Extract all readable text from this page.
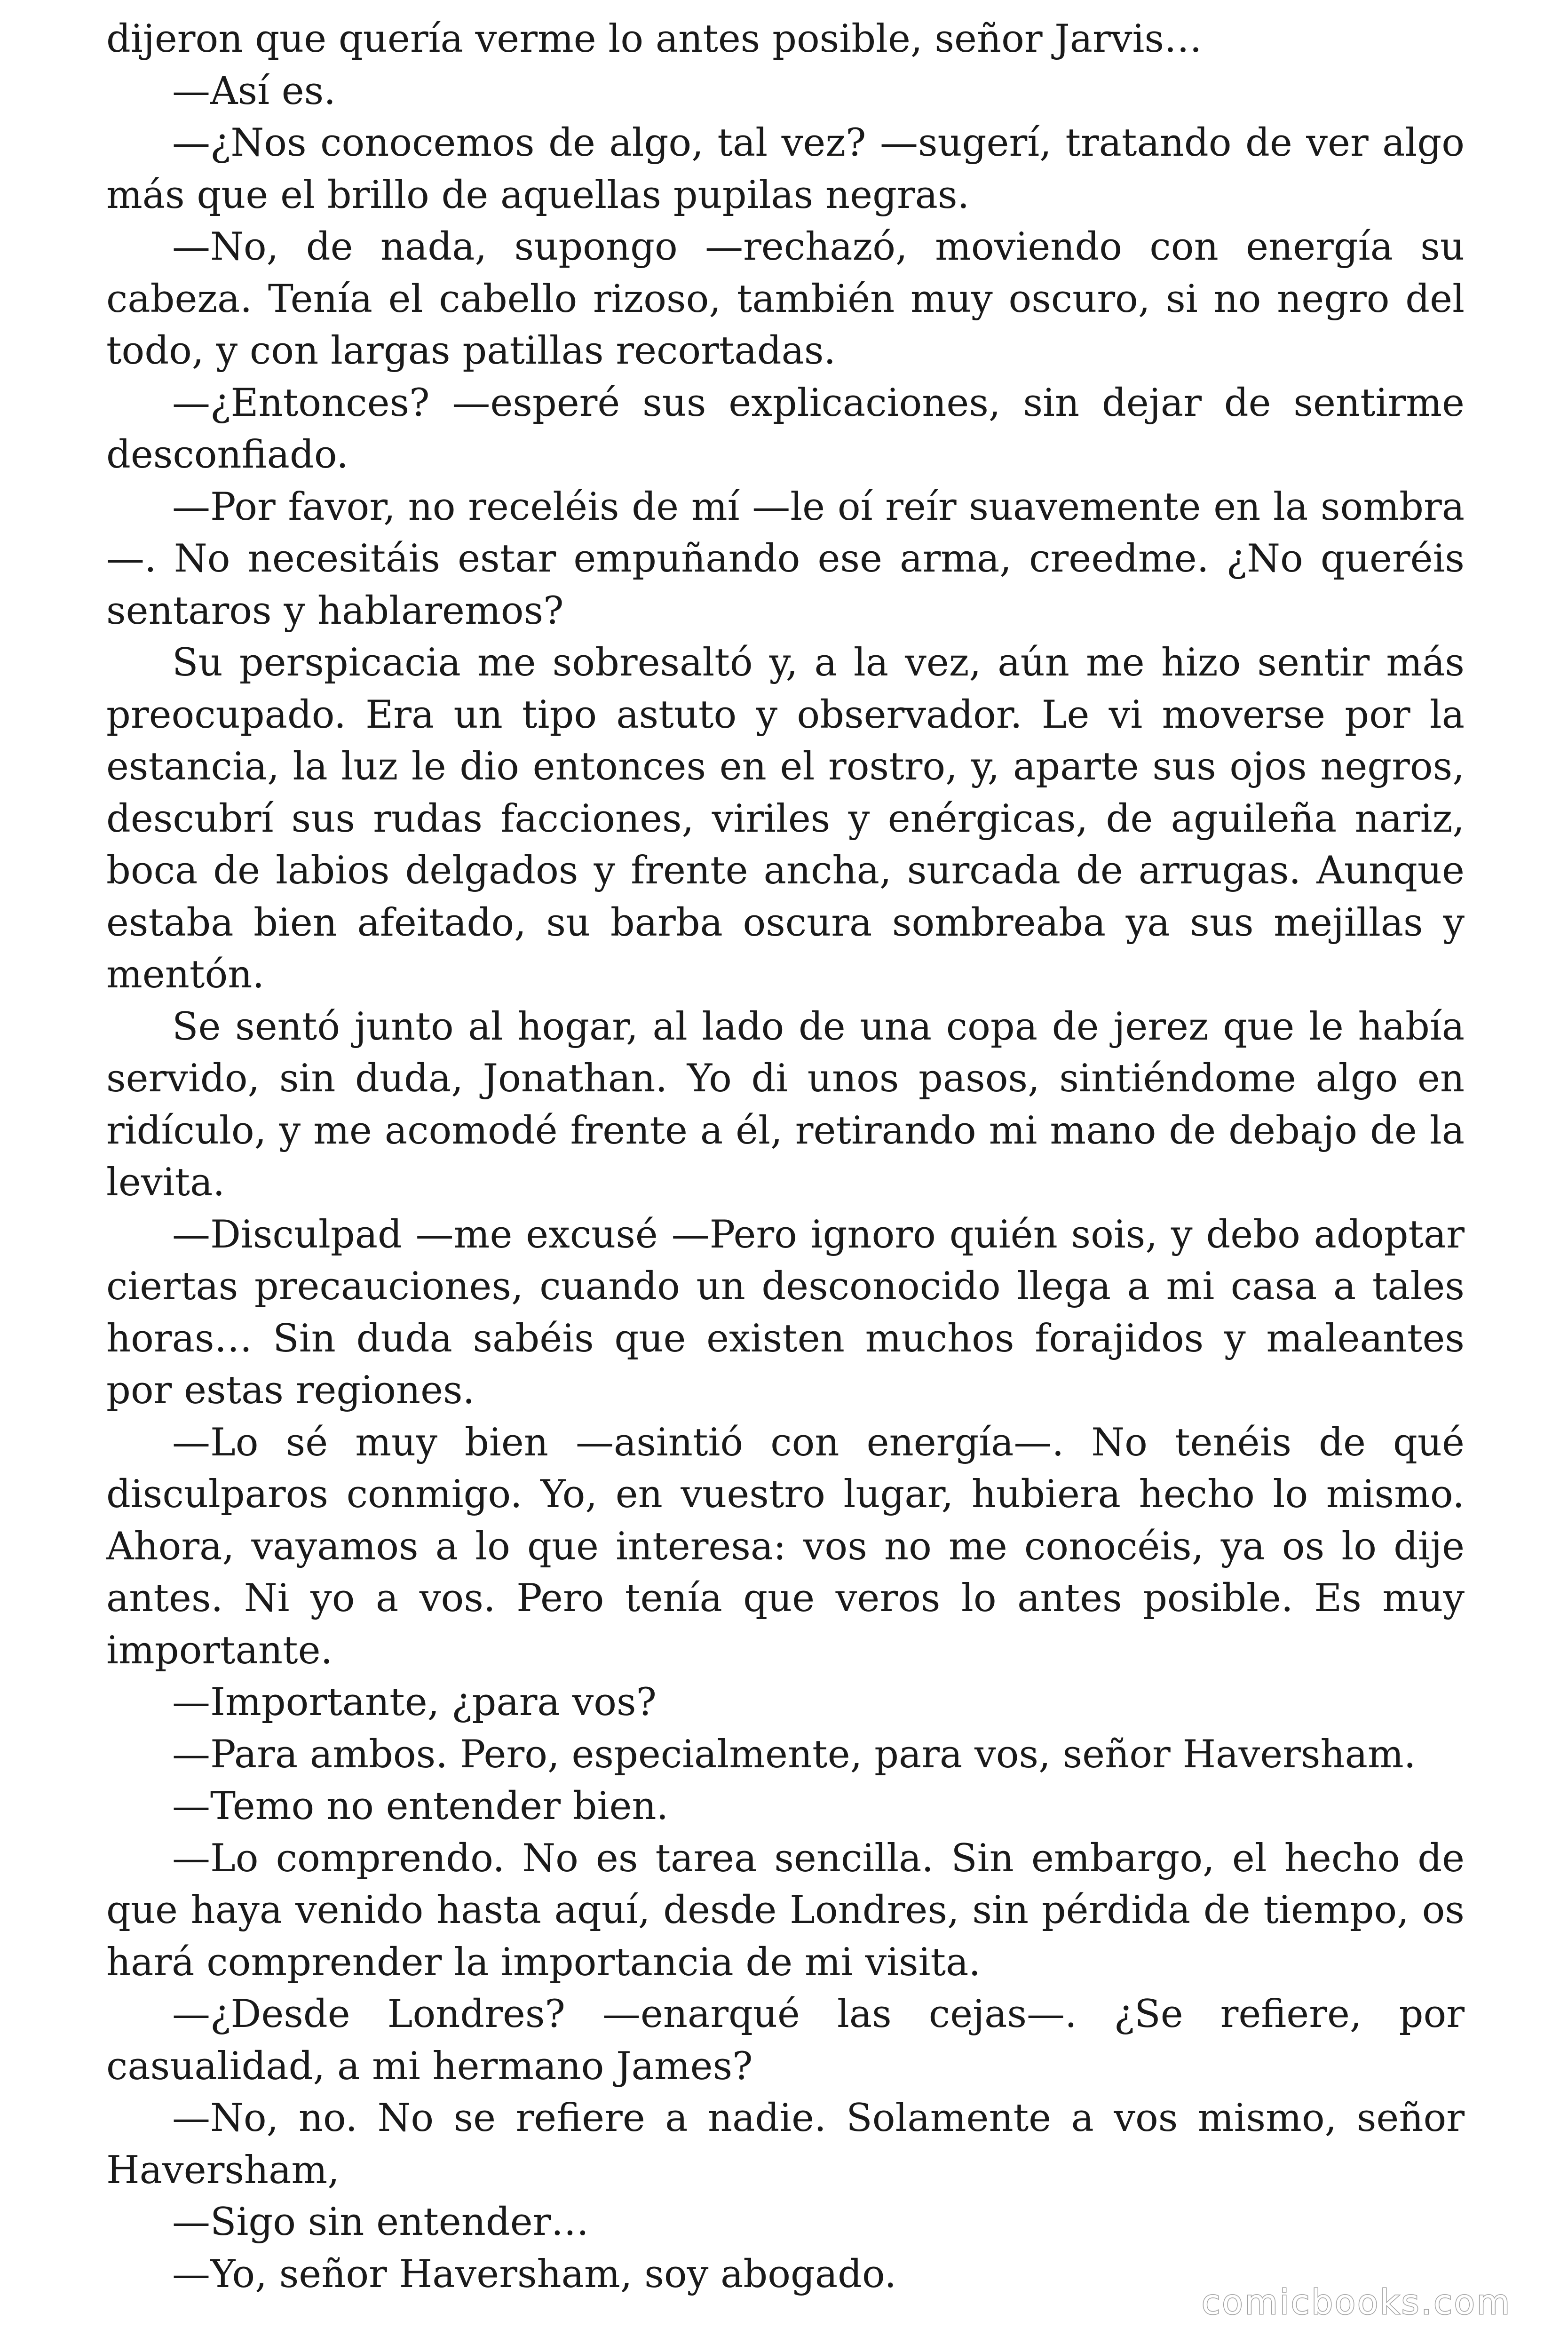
dijeron que quería verme lo antes posible, señor Jarvis…

—Así es.

—¿Nos conocemos de algo, tal vez? —sugerí, tratando de ver algo más que el brillo de aquellas pupilas negras.

—No, de nada, supongo —rechazó, moviendo con energía su cabeza. Tenía el cabello rizoso, también muy oscuro, si no negro del todo, y con largas patillas recortadas.

—¿Entonces? —esperé sus explicaciones, sin dejar de sentirme desconfiado.

—Por favor, no receléis de mí —le oí reír suavemente en la sombra —. No necesitáis estar empuñando ese arma, creedme. ¿No queréis sentaros y hablaremos?

Su perspicacia me sobresaltó y, a la vez, aún me hizo sentir más preocupado. Era un tipo astuto y observador. Le vi moverse por la estancia, la luz le dio entonces en el rostro, y, aparte sus ojos negros, descubrí sus rudas facciones, viriles y enérgicas, de aguileña nariz, boca de labios delgados y frente ancha, surcada de arrugas. Aunque estaba bien afeitado, su barba oscura sombreaba ya sus mejillas y mentón.

Se sentó junto al hogar, al lado de una copa de jerez que le había servido, sin duda, Jonathan. Yo di unos pasos, sintiéndome algo en ridículo, y me acomodé frente a él, retirando mi mano de debajo de la levita.

—Disculpad —me excusé —Pero ignoro quién sois, y debo adoptar ciertas precauciones, cuando un desconocido llega a mi casa a tales horas… Sin duda sabéis que existen muchos forajidos y maleantes por estas regiones.

—Lo sé muy bien —asintió con energía—. No tenéis de qué disculparos conmigo. Yo, en vuestro lugar, hubiera hecho lo mismo. Ahora, vayamos a lo que interesa: vos no me conocéis, ya os lo dije antes. Ni yo a vos. Pero tenía que veros lo antes posible. Es muy importante.

—Importante, ¿para vos?

—Para ambos. Pero, especialmente, para vos, señor Haversham.

—Temo no entender bien.

—Lo comprendo. No es tarea sencilla. Sin embargo, el hecho de que haya venido hasta aquí, desde Londres, sin pérdida de tiempo, os hará comprender la importancia de mi visita.

—¿Desde Londres? —enarqué las cejas—. ¿Se refiere, por casualidad, a mi hermano James?

—No, no. No se refiere a nadie. Solamente a vos mismo, señor Haversham,

—Sigo sin entender…

—Yo, señor Haversham, soy abogado.

comicbooks.com
